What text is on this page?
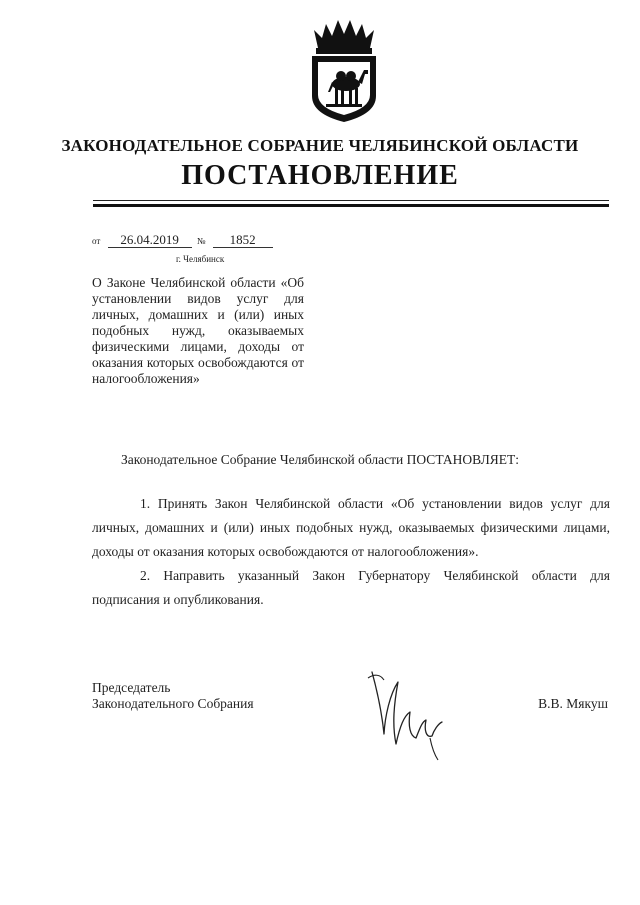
ЗАКОНОДАТЕЛЬНОЕ СОБРАНИЕ ЧЕЛЯБИНСКОЙ ОБЛАСТИ
ПОСТАНОВЛЕНИЕ
от 26.04.2019 № 1852
г. Челябинск
О Законе Челябинской области «Об установлении видов услуг для личных, домашних и (или) иных подобных нужд, оказываемых физическими лицами, доходы от оказания которых освобождаются от налогообложения»
Законодательное Собрание Челябинской области ПОСТАНОВЛЯЕТ:

1. Принять Закон Челябинской области «Об установлении видов услуг для личных, домашних и (или) иных подобных нужд, оказываемых физическими лицами, доходы от оказания которых освобождаются от налогообложения».

2. Направить указанный Закон Губернатору Челябинской области для подписания и опубликования.

Председатель
Законодательного Собрания	В.В. Мякуш
